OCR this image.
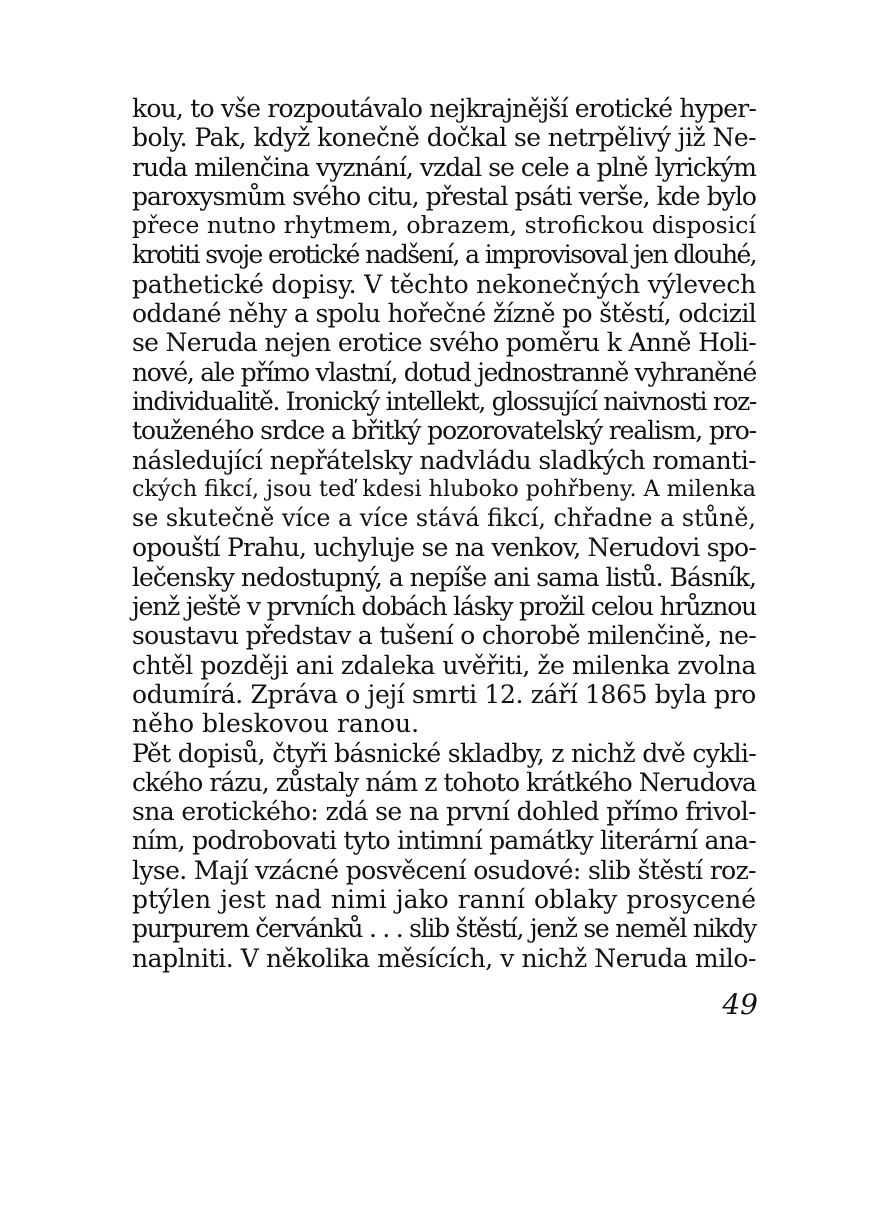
kou, to vše rozpoutávalo nejkrajnější erotické hyper-
boly. Pak, když konečně dočkal se netrpělivý již Ne-
ruda milenčina vyznání, vzdal se cele a plně lyrickým
paroxysmům svého citu, přestal psáti verše, kde bylo
přece nutno rhytmem, obrazem, strofickou disposicí
krotiti svoje erotické nadšení, a improvisoval jen dlouhé,
pathetické dopisy. V těchto nekonečných výlevech
oddané něhy a spolu hořečné žízně po štěstí, odcizil
se Neruda nejen erotice svého poměru k Anně Holi-
nové, ale přímo vlastní, dotud jednostranně vyhraněné
individualitě. Ironický intellekt, glossující naivnosti roz-
touženého srdce a břitký pozorovatelský realism, pro-
následující nepřátelsky nadvládu sladkých romanti-
ckých fikcí, jsou teď kdesi hluboko pohřbeny. A milenka
se skutečně více a více stává fikcí, chřadne a stůně,
opouští Prahu, uchyluje se na venkov, Nerudovi spo-
lečensky nedostupný, a nepíše ani sama listů. Básník,
jenž ještě v prvních dobách lásky prožil celou hrůznou
soustavu představ a tušení o chorobě milenčině, ne-
chtěl později ani zdaleka uvěřiti, že milenka zvolna
odumírá. Zpráva o její smrti 12. září 1865 byla pro
něho bleskovou ranou.
Pět dopisů, čtyři básnické skladby, z nichž dvě cykli-
ckého rázu, zůstaly nám z tohoto krátkého Nerudova
sna erotického: zdá se na první dohled přímo frivol-
ním, podrobovati tyto intimní památky literární ana-
lyse. Mají vzácné posvěcení osudové: slib štěstí roz-
ptýlen jest nad nimi jako ranní oblaky prosycené
purpurem červánků . . . slib štěstí, jenž se neměl nikdy
naplniti. V několika měsících, v nichž Neruda milo-
49
